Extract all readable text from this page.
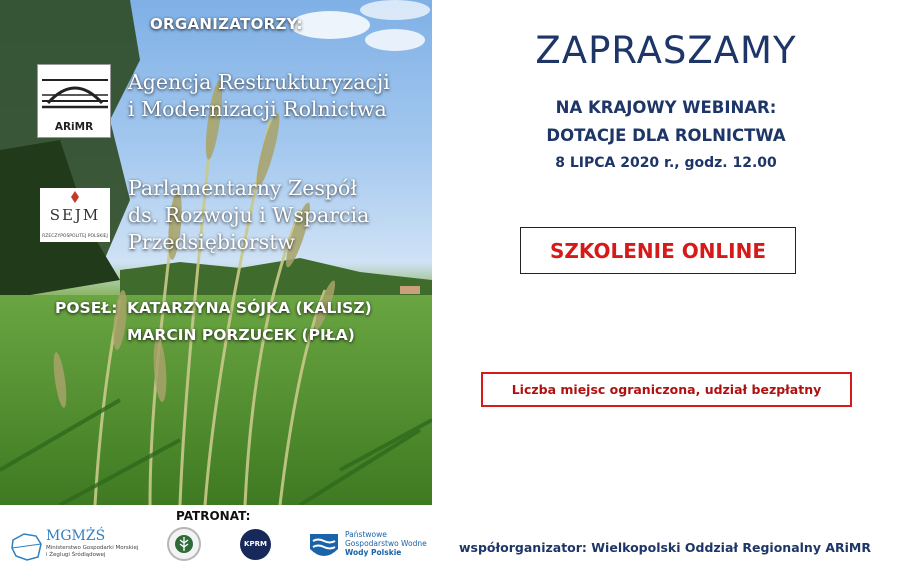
ORGANIZATORZY:
ARiMR
Agencja Restrukturyzacji
i Modernizacji Rolnictwa
SEJM
RZECZYPOSPOLITEJ POLSKIEJ
Parlamentarny Zespół
ds. Rozwoju i Wsparcia
Przedsiębiorstw
POSEŁ: KATARZYNA SÓJKA (KALISZ)
MARCIN PORZUCEK (PIŁA)
ZAPRASZAMY
NA KRAJOWY WEBINAR:
DOTACJE DLA ROLNICTWA
8 LIPCA 2020 r., godz. 12.00
SZKOLENIE ONLINE
Liczba miejsc ograniczona, udział bezpłatny
PATRONAT:
MGMŻŚ
Ministerstwo Gospodarki Morskiej
i Żeglugi Śródlądowej
KPRM
Państwowe
Gospodarstwo Wodne
Wody Polskie	współorganizator: Wielkopolski Oddział Regionalny ARiMR
